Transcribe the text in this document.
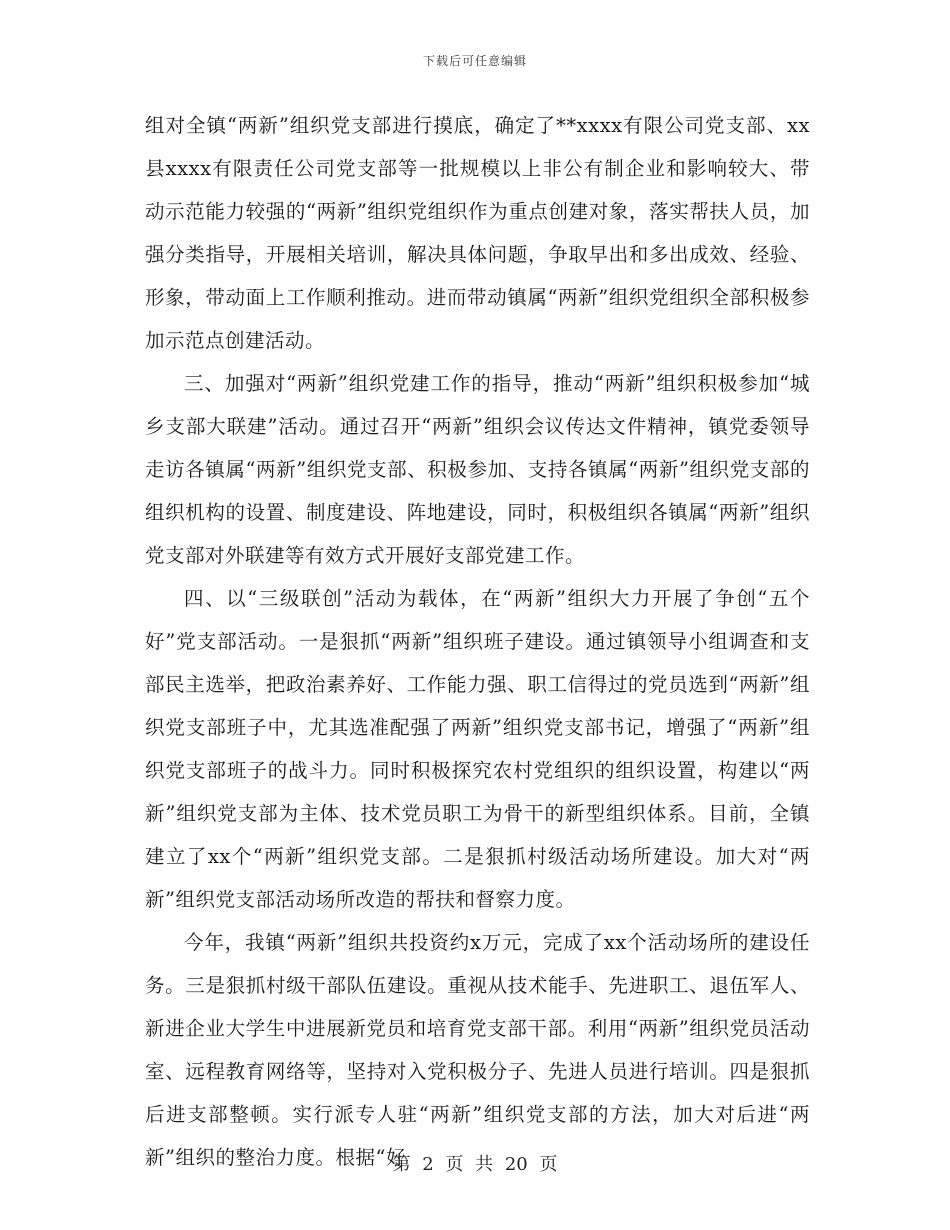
下载后可任意编辑

组对全镇“两新”组织党支部进行摸底，确定了**xxxx有限公司党支部、xx县xxxx有限责任公司党支部等一批规模以上非公有制企业和影响较大、带动示范能力较强的“两新”组织党组织作为重点创建对象，落实帮扶人员，加强分类指导，开展相关培训，解决具体问题，争取早出和多出成效、经验、形象，带动面上工作顺利推动。进而带动镇属“两新”组织党组织全部积极参加示范点创建活动。

三、加强对“两新”组织党建工作的指导，推动“两新”组织积极参加“城乡支部大联建”活动。通过召开“两新”组织会议传达文件精神，镇党委领导走访各镇属“两新”组织党支部、积极参加、支持各镇属“两新”组织党支部的组织机构的设置、制度建设、阵地建设，同时，积极组织各镇属“两新”组织党支部对外联建等有效方式开展好支部党建工作。

四、以“三级联创”活动为载体，在“两新”组织大力开展了争创“五个好”党支部活动。一是狠抓“两新”组织班子建设。通过镇领导小组调查和支部民主选举，把政治素养好、工作能力强、职工信得过的党员选到“两新”组织党支部班子中，尤其选准配强了两新”组织党支部书记，增强了“两新”组织党支部班子的战斗力。同时积极探究农村党组织的组织设置，构建以“两新”组织党支部为主体、技术党员职工为骨干的新型组织体系。目前，全镇建立了xx个“两新”组织党支部。二是狠抓村级活动场所建设。加大对“两新”组织党支部活动场所改造的帮扶和督察力度。

今年，我镇“两新”组织共投资约x万元，完成了xx个活动场所的建设任务。三是狠抓村级干部队伍建设。重视从技术能手、先进职工、退伍军人、新进企业大学生中进展新党员和培育党支部干部。利用“两新”组织党员活动室、远程教育网络等，坚持对入党积极分子、先进人员进行培训。四是狠抓后进支部整顿。实行派专人驻“两新”组织党支部的方法，加大对后进“两新”组织的整治力度。根据“好

第 2 页 共 20 页
